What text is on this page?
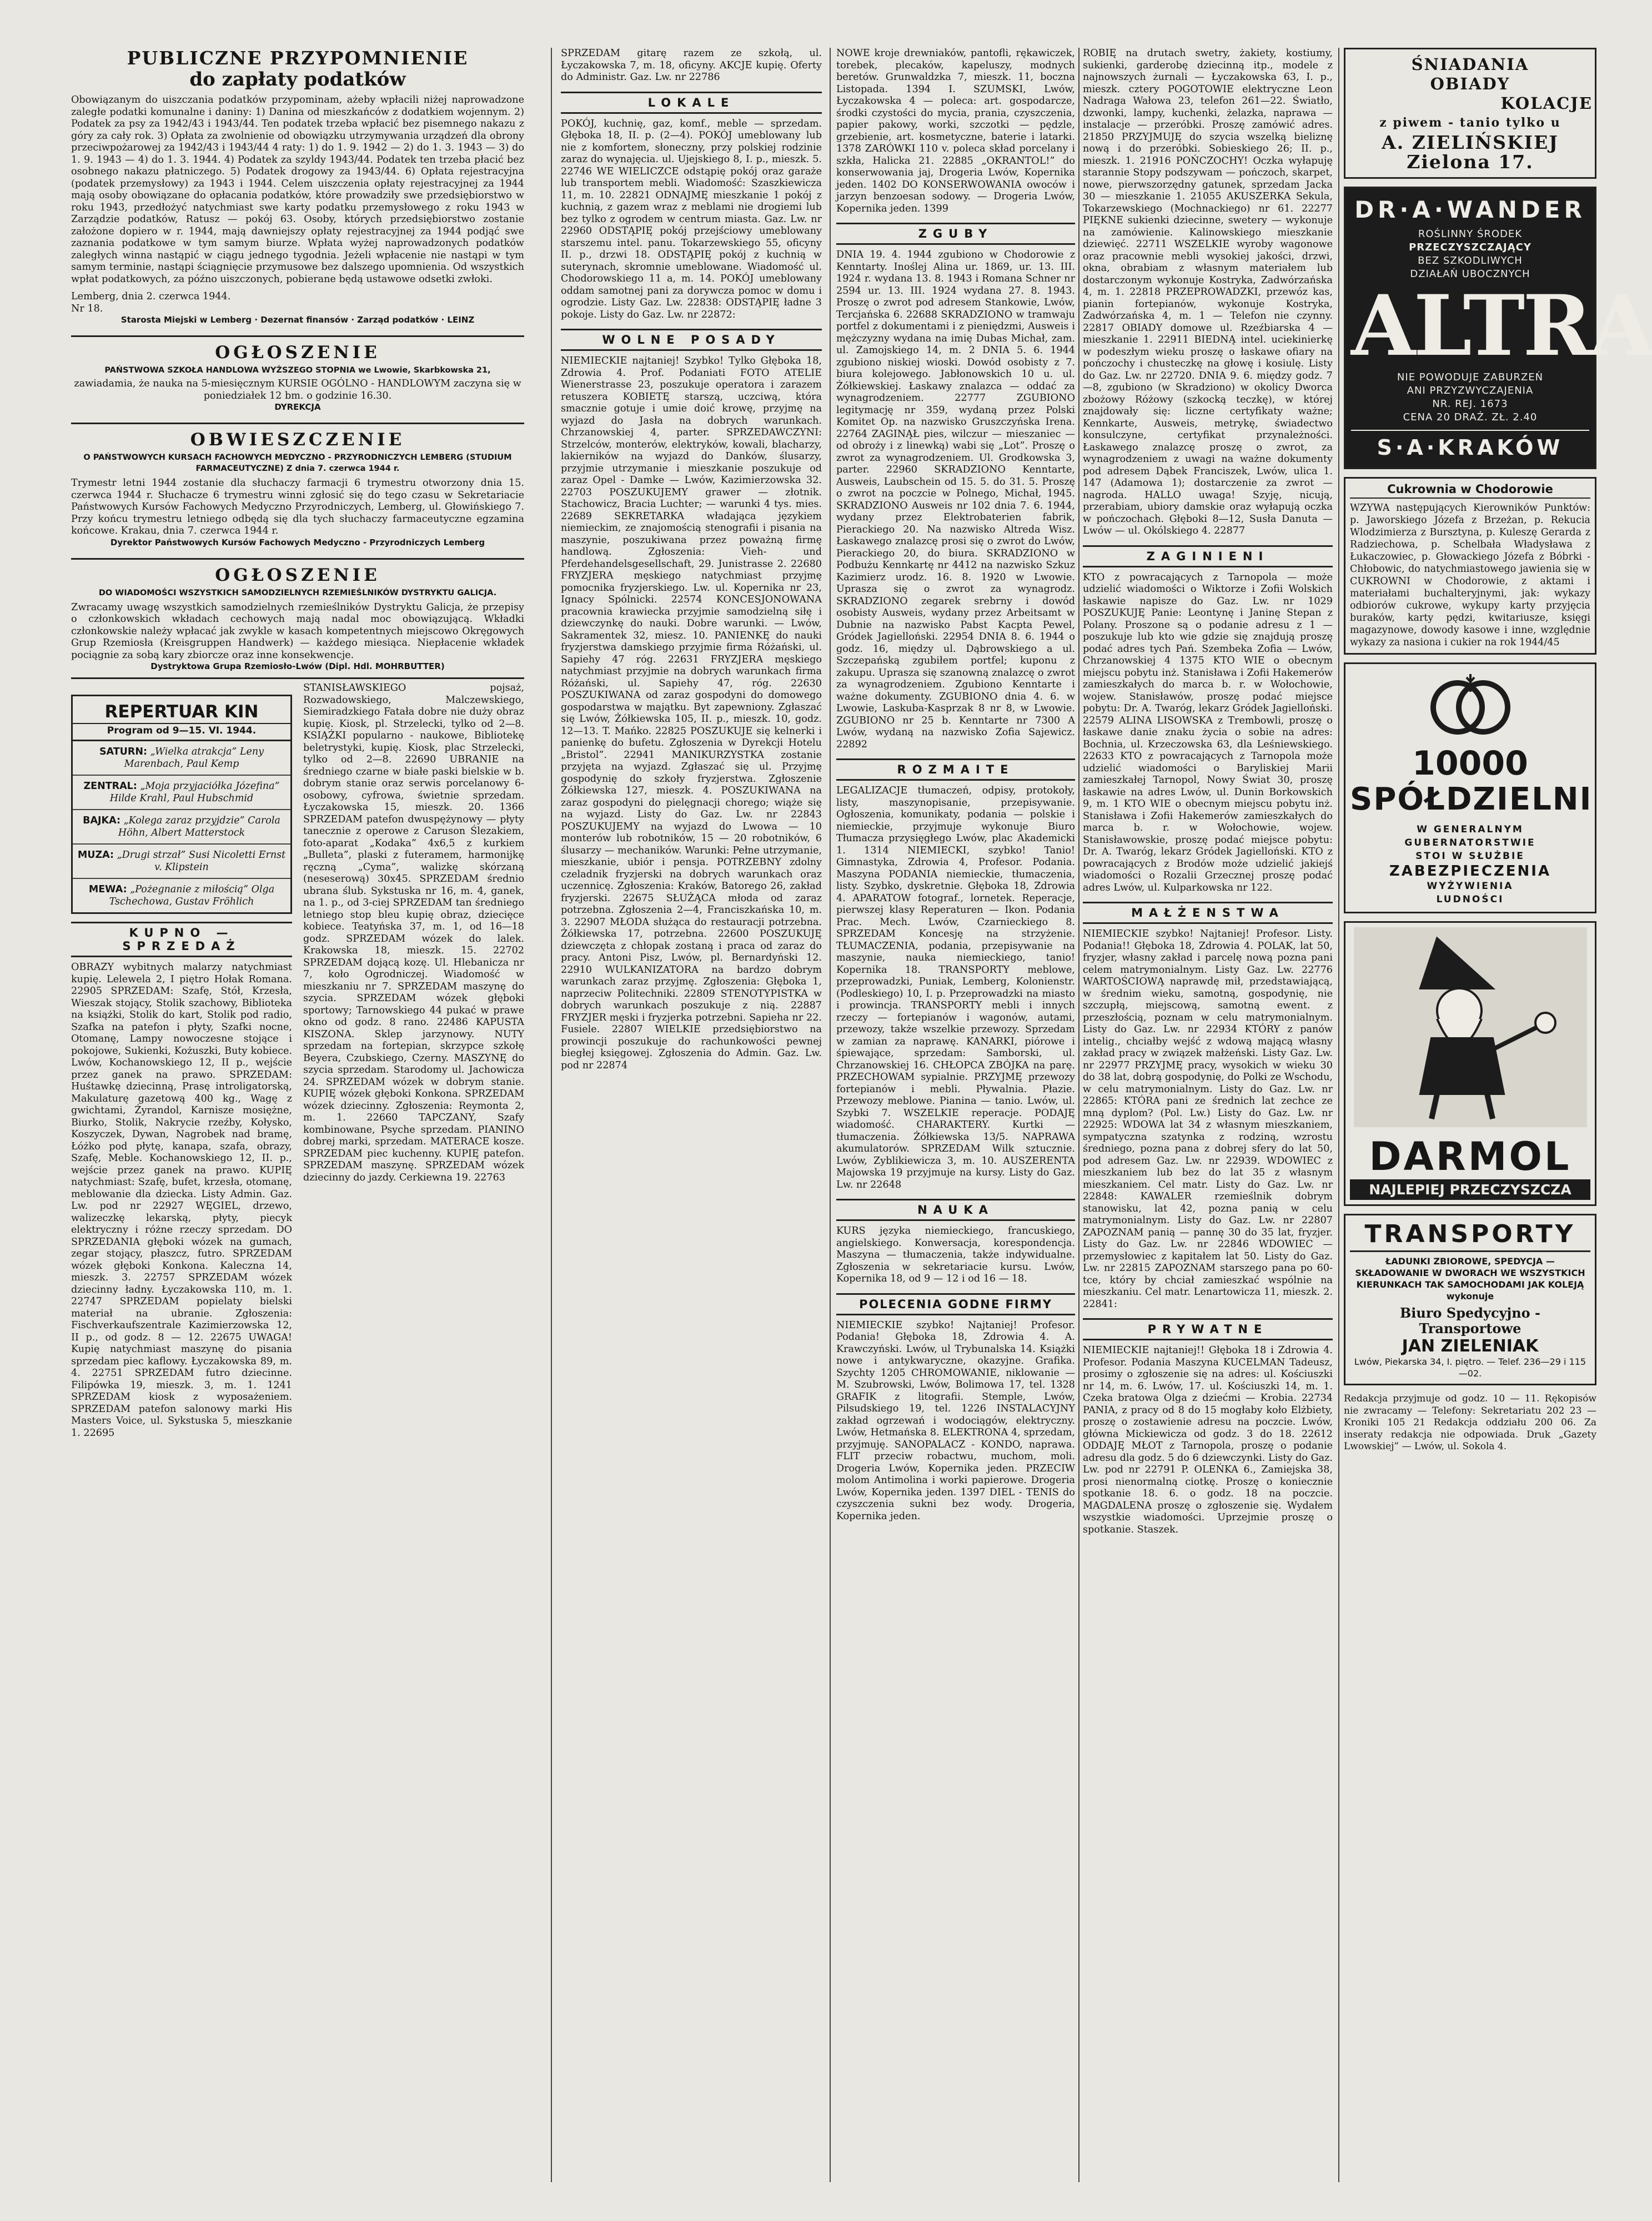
PUBLICZNE PRZYPOMNIENIE
do zapłaty podatków

Obowiązanym do uiszczania podatków przypominam, ażeby wpłacili niżej naprowadzone zaległe podatki komunalne i daniny: 1) Danina od mieszkańców z dodatkiem wojennym. 2) Podatek za psy za 1942/43 i 1943/44. Ten podatek trzeba wpłacić bez pisemnego nakazu z góry za cały rok. 3) Opłata za zwolnienie od obowiązku utrzymywania urządzeń dla obrony przeciwpożarowej za 1942/43 i 1943/44 4 raty: 1) do 1. 9. 1942 — 2) do 1. 3. 1943 — 3) do 1. 9. 1943 — 4) do 1. 3. 1944. 4) Podatek za szyldy 1943/44. Podatek ten trzeba płacić bez osobnego nakazu płatniczego. 5) Podatek drogowy za 1943/44. 6) Opłata rejestracyjna (podatek przemysłowy) za 1943 i 1944. Celem uiszczenia opłaty rejestracyjnej za 1944 mają osoby obowiązane do opłacania podatków, które prowadziły swe przedsiębiorstwo w roku 1943, przedłożyć natychmiast swe karty podatku przemysłowego z roku 1943 w Zarządzie podatków, Ratusz — pokój 63. Osoby, których przedsiębiorstwo zostanie założone dopiero w r. 1944, mają dawniejszy opłaty rejestracyjnej za 1944 podjąć swe zaznania podatkowe w tym samym biurze. Wpłata wyżej naprowadzonych podatków zaległych winna nastąpić w ciągu jednego tygodnia. Jeżeli wpłacenie nie nastąpi w tym samym terminie, nastąpi ściągnięcie przymusowe bez dalszego upomnienia. Od wszystkich wpłat podatkowych, za późno uiszczonych, pobierane będą ustawowe odsetki zwłoki.

Lemberg, dnia 2. czerwca 1944.

Nr 18.

Starosta Miejski w Lemberg · Dezernat finansów · Zarząd podatków · LEINZ
OGŁOSZENIE
PAŃSTWOWA SZKOŁA HANDLOWA WYŻSZEGO STOPNIA we Lwowie, Skarbkowska 21,

zawiadamia, że nauka na 5-miesięcznym KURSIE OGÓLNO - HANDLOWYM zaczyna się w poniedziałek 12 bm. o godzinie 16.30.

DYREKCJA
OBWIESZCZENIE
O PAŃSTWOWYCH KURSACH FACHOWYCH MEDYCZNO - PRZYRODNICZYCH LEMBERG (STUDIUM FARMACEUTYCZNE) Z dnia 7. czerwca 1944 r.

Trymestr letni 1944 zostanie dla słuchaczy farmacji 6 trymestru otworzony dnia 15. czerwca 1944 r. Słuchacze 6 trymestru winni zgłosić się do tego czasu w Sekretariacie Państwowych Kursów Fachowych Medyczno Przyrodniczych, Lemberg, ul. Głowińskiego 7. Przy końcu trymestru letniego odbędą się dla tych słuchaczy farmaceutyczne egzamina końcowe. Krakau, dnia 7. czerwca 1944 r.

Dyrektor Państwowych Kursów Fachowych Medyczno - Przyrodniczych Lemberg
OGŁOSZENIE
DO WIADOMOŚCI WSZYSTKICH SAMODZIELNYCH RZEMIEŚLNIKÓW DYSTRYKTU GALICJA.

Zwracamy uwagę wszystkich samodzielnych rzemieślników Dystryktu Galicja, że przepisy o członkowskich wkładach cechowych mają nadal moc obowiązującą. Wkładki członkowskie należy wpłacać jak zwykle w kasach kompetentnych miejscowo Okręgowych Grup Rzemiosła (Kreisgruppen Handwerk) — każdego miesiąca. Niepłacenie wkładek pociągnie za sobą kary zbiorcze oraz inne konsekwencje.

Dystryktowa Grupa Rzemiosło-Lwów (Dipl. Hdl. MOHRBUTTER)
REPERTUAR KIN
Program od 9—15. VI. 1944.
SATURN: „Wielka atrakcja” Leny Marenbach, Paul Kemp
ZENTRAL: „Moja przyjaciółka Józefina” Hilde Krahl, Paul Hubschmid
BAJKA: „Kolega zaraz przyjdzie” Carola Höhn, Albert Matterstock
MUZA: „Drugi strzał” Susi Nicoletti Ernst v. Klipstein
MEWA: „Pożegnanie z miłością” Olga Tschechowa, Gustav Fröhlich
KUPNO — SPRZEDAŻ

OBRAZY wybitnych malarzy natychmiast kupię. Lelewela 2, I piętro Hołak Romana. 22905 SPRZEDAM: Szafę, Stół, Krzesła, Wieszak stojący, Stolik szachowy, Biblioteka na książki, Stolik do kart, Stolik pod radio, Szafka na patefon i płyty, Szafki nocne, Otomanę, Lampy nowoczesne stojące i pokojowe, Sukienki, Kożuszki, Buty kobiece. Lwów, Kochanowskiego 12, II p., wejście przez ganek na prawo. SPRZEDAM: Huśtawkę dziecinną, Prasę introligatorską, Makulaturę gazetową 400 kg., Wagę z gwichtami, Żyrandol, Karnisze mosiężne, Biurko, Stolik, Nakrycie rzeźby, Kołysko, Koszyczek, Dywan, Nagrobek nad bramę, Łóżko pod płytę, kanapa, szafa, obrazy, Szafę, Meble. Kochanowskiego 12, II. p., wejście przez ganek na prawo. KUPIĘ natychmiast: Szafę, bufet, krzesła, otomanę, meblowanie dla dziecka. Listy Admin. Gaz. Lw. pod nr 22927 WĘGIEL, drzewo, walizeczkę lekarską, płyty, piecyk elektryczny i różne rzeczy sprzedam. DO SPRZEDANIA głęboki wózek na gumach, zegar stojący, płaszcz, futro. SPRZEDAM wózek głęboki Konkona. Kaleczna 14, mieszk. 3. 22757 SPRZEDAM wózek dziecinny ładny. Łyczakowska 110, m. 1. 22747 SPRZEDAM popielaty bielski materiał na ubranie. Zgłoszenia: Fischverkaufszentrale Kazimierzowska 12, II p., od godz. 8 — 12. 22675 UWAGA! Kupię natychmiast maszynę do pisania sprzedam piec kaflowy. Łyczakowska 89, m. 4. 22751 SPRZEDAM futro dziecinne. Filipówka 19, mieszk. 3, m. 1. 1241 SPRZEDAM kiosk z wyposażeniem. SPRZEDAM patefon salonowy marki His Masters Voice, ul. Sykstuska 5, mieszkanie 1. 22695

STANISŁAWSKIEGO pojsaż, Rozwadowskiego, Malczewskiego, Siemiradzkiego Fatała dobre nie duży obraz kupię. Kiosk, pl. Strzelecki, tylko od 2—8. KSIĄŻKI popularno - naukowe, Bibliotekę beletrystyki, kupię. Kiosk, plac Strzelecki, tylko od 2—8. 22690 UBRANIE na średniego czarne w białe paski bielskie w b. dobrym stanie oraz serwis porcelanowy 6-osobowy, cyfrowa, świetnie sprzedam. Łyczakowska 15, mieszk. 20. 1366 SPRZEDAM patefon dwuspężynowy — płyty tanecznie z operowe z Caruson Ślezakiem, foto-aparat „Kodaka” 4x6,5 z kurkiem „Bulleta”, plaski z futeramem, harmonijkę ręczną „Cyma”, walizkę skórzaną (neseserową) 30x45. SPRZEDAM średnio ubrana ślub. Sykstuska nr 16, m. 4, ganek, na 1. p., od 3-ciej SPRZEDAM tan średniego letniego stop bleu kupię obraz, dziecięce kobiece. Teatyńska 37, m. 1, od 16—18 godz. SPRZEDAM wózek do lalek. Krakowska 18, mieszk. 15. 22702 SPRZEDAM dojącą kozę. Ul. Hlebanicza nr 7, koło Ogrodniczej. Wiadomość w mieszkaniu nr 7. SPRZEDAM maszynę do szycia. SPRZEDAM wózek głęboki sportowy; Tarnowskiego 44 pukać w prawe okno od godz. 8 rano. 22486 KAPUSTA KISZONA. Sklep jarzynowy. NUTY sprzedam na fortepian, skrzypce szkołę Beyera, Czubskiego, Czerny. MASZYNĘ do szycia sprzedam. Starodomy ul. Jachowicza 24. SPRZEDAM wózek w dobrym stanie. KUPIĘ wózek głęboki Konkona. SPRZEDAM wózek dziecinny. Zgłoszenia: Reymonta 2, m. 1. 22660 TAPCZANY, Szafy kombinowane, Psyche sprzedam. PIANINO dobrej marki, sprzedam. MATERACE kosze. SPRZEDAM piec kuchenny. KUPIĘ patefon. SPRZEDAM maszynę. SPRZEDAM wózek dziecinny do jazdy. Cerkiewna 19. 22763

SPRZEDAM gitarę razem ze szkołą, ul. Łyczakowska 7, m. 18, oficyny. AKCJE kupię. Oferty do Administr. Gaz. Lw. nr 22786

LOKALE

POKÓJ, kuchnię, gaz, komf., meble — sprzedam. Głęboka 18, II. p. (2—4). POKÓJ umeblowany lub nie z komfortem, słoneczny, przy polskiej rodzinie zaraz do wynajęcia. ul. Ujejskiego 8, I. p., mieszk. 5. 22746 WE WIELICZCE odstąpię pokój oraz garaże lub transportem mebli. Wiadomość: Szaszkiewicza 11, m. 10. 22821 ODNAJMĘ mieszkanie 1 pokój z kuchnią, z gazem wraz z meblami nie drogiemi lub bez tylko z ogrodem w centrum miasta. Gaz. Lw. nr 22960 ODSTĄPIĘ pokój przejściowy umeblowany starszemu intel. panu. Tokarzewskiego 55, oficyny II. p., drzwi 18. ODSTĄPIĘ pokój z kuchnią w suterynach, skromnie umeblowane. Wiadomość ul. Chodorowskiego 11 a, m. 14. POKÓJ umeblowany oddam samotnej pani za dorywcza pomoc w domu i ogrodzie. Listy Gaz. Lw. 22838: ODSTĄPIĘ ładne 3 pokoje. Listy do Gaz. Lw. nr 22872:

WOLNE POSADY

NIEMIECKIE najtaniej! Szybko! Tylko Głęboka 18, Zdrowia 4. Prof. Podaniati FOTO ATELIE Wienerstrasse 23, poszukuje operatora i zarazem retuszera KOBIETĘ starszą, uczciwą, która smacznie gotuje i umie doić krowę, przyjmę na wyjazd do Jasła na dobrych warunkach. Chrzanowskiej 4, parter. SPRZEDAWCZYNI: Strzelców, monterów, elektryków, kowali, blacharzy, lakierników na wyjazd do Danków, ślusarzy, przyjmie utrzymanie i mieszkanie poszukuje od zaraz Opel - Damke — Lwów, Kazimierzowska 32. 22703 POSZUKUJEMY grawer — złotnik. Stachowicz, Bracia Luchter; — warunki 4 tys. mies. 22689 SEKRETARKA władająca językiem niemieckim, ze znajomością stenografii i pisania na maszynie, poszukiwana przez poważną firmę handlową. Zgłoszenia: Vieh- und Pferdehandelsgesellschaft, 29. Junistrasse 2. 22680 FRYZJERA męskiego natychmiast przyjmę pomocnika fryzjerskiego. Lw. ul. Kopernika nr 23, Ignacy Spólnicki. 22574 KONCESJONOWANA pracownia krawiecka przyjmie samodzielną siłę i dziewczynkę do nauki. Dobre warunki. — Lwów, Sakramentek 32, miesz. 10. PANIENKĘ do nauki fryzjerstwa damskiego przyjmie firma Różański, ul. Sapiehy 47 róg. 22631 FRYZJERA męskiego natychmiast przyjmie na dobrych warunkach firma Różański, ul. Sapiehy 47, róg. 22630 POSZUKIWANA od zaraz gospodyni do domowego gospodarstwa w majątku. Byt zapewniony. Zgłaszać się Lwów, Żółkiewska 105, II. p., mieszk. 10, godz. 12—13. T. Mańko. 22825 POSZUKUJE się kelnerki i panienkę do bufetu. Zgłoszenia w Dyrekcji Hotelu „Bristol”. 22941 MANIKURZYSTKA zostanie przyjęta na wyjazd. Zgłaszać się ul. Przyjmę gospodynię do szkoły fryzjerstwa. Zgłoszenie Żółkiewska 127, mieszk. 4. POSZUKIWANA na zaraz gospodyni do pielęgnacji chorego; wiąże się na wyjazd. Listy do Gaz. Lw. nr 22843 POSZUKUJEMY na wyjazd do Lwowa — 10 monterów lub robotników, 15 — 20 robotników, 6 ślusarzy — mechaników. Warunki: Pełne utrzymanie, mieszkanie, ubiór i pensja. POTRZEBNY zdolny czeladnik fryzjerski na dobrych warunkach oraz uczennicę. Zgłoszenia: Kraków, Batorego 26, zakład fryzjerski. 22675 SŁUŻĄCA młoda od zaraz potrzebna. Zgłoszenia 2—4, Franciszkańska 10, m. 3. 22907 MŁODA służąca do restauracji potrzebna. Żółkiewska 17, potrzebna. 22600 POSZUKUJĘ dziewczęta z chłopak zostaną i praca od zaraz do pracy. Antoni Pisz, Lwów, pl. Bernardyński 12. 22910 WULKANIZATORA na bardzo dobrym warunkach zaraz przyjmę. Zgłoszenia: Głęboka 1, naprzeciw Politechniki. 22809 STENOTYPISTKA w dobrych warunkach poszukuje z nią. 22887 FRYZJER męski i fryzjerka potrzebni. Sapieha nr 22. Fusiele. 22807 WIELKIE przedsiębiorstwo na prowincji poszukuje do rachunkowości pewnej biegłej księgowej. Zgłoszenia do Admin. Gaz. Lw. pod nr 22874

NOWE kroje drewniaków, pantofli, rękawiczek, torebek, plecaków, kapeluszy, modnych beretów. Grunwaldzka 7, mieszk. 11, boczna Listopada. 1394 I. SZUMSKI, Lwów, Łyczakowska 4 — poleca: art. gospodarcze, środki czystości do mycia, prania, czyszczenia, papier pakowy, worki, szczotki — pędzle, grzebienie, art. kosmetyczne, baterie i latarki. 1378 ZARÓWKI 110 v. poleca skład porcelany i szkła, Halicka 21. 22885 „OKRANTOL!” do konserwowania jaj, Drogeria Lwów, Kopernika jeden. 1402 DO KONSERWOWANIA owoców i jarzyn benzoesan sodowy. — Drogeria Lwów, Kopernika jeden. 1399

ZGUBY

DNIA 19. 4. 1944 zgubiono w Chodorowie z Kenntarty. Inoślej Alina ur. 1869, ur. 13. III. 1924 r. wydana 13. 8. 1943 i Romana Schner nr 2594 ur. 13. III. 1924 wydana 27. 8. 1943. Proszę o zwrot pod adresem Stankowie, Lwów, Tercjańska 6. 22688 SKRADZIONO w tramwaju portfel z dokumentami i z pieniędzmi, Ausweis i mężczyzny wydana na imię Dubas Michał, zam. ul. Zamojskiego 14, m. 2 DNIA 5. 6. 1944 zgubiono niskiej wioski. Dowód osobisty z 7. biura kolejowego. Jabłonowskich 10 u. ul. Żółkiewskiej. Łaskawy znalazca — oddać za wynagrodzeniem. 22777 ZGUBIONO legitymację nr 359, wydaną przez Polski Komitet Op. na nazwisko Gruszczyńska Irena. 22764 ZAGINĄŁ pies, wilczur — mieszaniec — od obroży i z linewką) wabi się „Lot”. Proszę o zwrot za wynagrodzeniem. Ul. Grodkowska 3, parter. 22960 SKRADZIONO Kenntarte, Ausweis, Laubschein od 15. 5. do 31. 5. Proszę o zwrot na poczcie w Polnego, Michał, 1945. SKRADZIONO Ausweis nr 102 dnia 7. 6. 1944, wydany przez Elektrobaterien fabrik, Pierackiego 20. Na nazwisko Altreda Wisz. Łaskawego znalazcę prosi się o zwrot do Lwów, Pierackiego 20, do biura. SKRADZIONO w Podbużu Kennkartę nr 4412 na nazwisko Szkuz Kazimierz urodz. 16. 8. 1920 w Lwowie. Uprasza się o zwrot za wynagrodz. SKRADZIONO zegarek srebrny i dowód osobisty Ausweis, wydany przez Arbeitsamt w Dubnie na nazwisko Pabst Kacpta Pewel, Gródek Jagielloński. 22954 DNIA 8. 6. 1944 o godz. 16, między ul. Dąbrowskiego a ul. Szczepańską zgubiłem portfel; kuponu z zakupu. Uprasza się szanowną znalazcę o zwrot za wynagrodzeniem. Zgubiono Kenntarte i ważne dokumenty. ZGUBIONO dnia 4. 6. w Lwowie, Laskuba-Kasprzak 8 nr 8, w Lwowie. ZGUBIONO nr 25 b. Kenntarte nr 7300 A Lwów, wydaną na nazwisko Zofia Sajewicz. 22892

ROZMAITE

LEGALIZACJE tłumaczeń, odpisy, protokoły, listy, maszynopisanie, przepisywanie. Ogłoszenia, komunikaty, podania — polskie i niemieckie, przyjmuje wykonuje Biuro Tłumacza przysięgłego Lwów, plac Akademicki 1. 1314 NIEMIECKI, szybko! Tanio! Gimnastyka, Zdrowia 4, Profesor. Podania. Maszyna PODANIA niemieckie, tłumaczenia, listy. Szybko, dyskretnie. Głęboka 18, Zdrowia 4. APARATOW fotograf., lornetek. Reperacje, pierwszej klasy Reperaturen — Ikon. Podania Prac. Mech. Lwów, Czarnieckiego 8. SPRZEDAM Koncesję na strzyżenie. TŁUMACZENIA, podania, przepisywanie na maszynie, nauka niemieckiego, tanio! Kopernika 18. TRANSPORTY meblowe, przeprowadzki, Puniak, Lemberg, Kolonienstr. (Podleskiego) 10, I. p. Przeprowadzki na miasto i prowincja. TRANSPORTY mebli i innych rzeczy — fortepianów i wagonów, autami, przewozy, także wszelkie przewozy. Sprzedam w zamian za naprawę. KANARKI, piórowe i śpiewające, sprzedam: Samborski, ul. Chrzanowskiej 16. CHŁOPCA ZBÓJKA na parę. PRZECHOWAM sypialnie. PRZYJMĘ przewozy fortepianów i mebli. Pływalnia. Płazie. Przewozy meblowe. Pianina — tanio. Lwów, ul. Szybki 7. WSZELKIE reperacje. PODAJĘ wiadomość. CHARAKTERY. Kurtki — tłumaczenia. Żółkiewska 13/5. NAPRAWA akumulatorów. SPRZEDAM Wilk sztucznie. Lwów, Zyblikiewicza 3, m. 10. AUSZERENTA Majowska 19 przyjmuje na kursy. Listy do Gaz. Lw. nr 22648

NAUKA

KURS języka niemieckiego, francuskiego, angielskiego. Konwersacja, korespondencja. Maszyna — tłumaczenia, także indywidualne. Zgłoszenia w sekretariacie kursu. Lwów, Kopernika 18, od 9 — 12 i od 16 — 18.

POLECENIA GODNE FIRMY

NIEMIECKIE szybko! Najtaniej! Profesor. Podania! Głęboka 18, Zdrowia 4. A. Krawczyński. Lwów, ul Trybunalska 14. Książki nowe i antykwaryczne, okazyjne. Grafika. Szychty 1205 CHROMOWANIE, niklowanie — M. Szubrowski, Lwów, Bolimowa 17, tel. 1328 GRAFIK z litografii. Stemple, Lwów, Pilsudskiego 19, tel. 1226 INSTALACYJNY zakład ogrzewań i wodociągów, elektryczny. Lwów, Hetmańska 8. ELEKTRONA 4, sprzedam, przyjmuję. SANOPALACZ - KONDO, naprawa. FLIT przeciw robactwu, muchom, moli. Drogeria Lwów, Kopernika jeden. PRZECIW molom Antimolina i worki papierowe. Drogeria Lwów, Kopernika jeden. 1397 DIEL - TENIS do czyszczenia sukni bez wody. Drogeria, Kopernika jeden.

ROBIĘ na drutach swetry, żakiety, kostiumy, sukienki, garderobę dziecinną itp., modele z najnowszych żurnali — Łyczakowska 63, I. p., mieszk. cztery POGOTOWIE elektryczne Leon Nadraga Wałowa 23, telefon 261—22. Światło, dzwonki, lampy, kuchenki, żelazka, naprawa — instalacje — przeróbki. Proszę zamówić adres. 21850 PRZYJMUJĘ do szycia wszelką bieliznę nową i do przeróbki. Sobieskiego 26; II. p., mieszk. 1. 21916 POŃCZOCHY! Oczka wyłapuję starannie Stopy podszywam — pończoch, skarpet, nowe, pierwszorzędny gatunek, sprzedam Jacka 30 — mieszkanie 1. 21055 AKUSZERKA Sekula, Tokarzewskiego (Mochnackiego) nr 61. 22277 PIĘKNE sukienki dziecinne, swetery — wykonuje na zamówienie. Kalinowskiego mieszkanie dziewięć. 22711 WSZELKIE wyroby wagonowe oraz pracownie mebli wysokiej jakości, drzwi, okna, obrabiam z własnym materiałem lub dostarczonym wykonuje Kostryka, Zadwórzańska 4, m. 1. 22818 PRZEPROWADZKI, przewóz kas, pianin fortepianów, wykonuje Kostryka, Zadwórzańska 4, m. 1 — Telefon nie czynny. 22817 OBIADY domowe ul. Rzeźbiarska 4 — mieszkanie 1. 22911 BIEDNĄ intel. uciekinierkę w podeszłym wieku proszę o łaskawe ofiary na pończochy i chusteczkę na głowę i kosiulę. Listy do Gaz. Lw. nr 22720. DNIA 9. 6. między godz. 7—8, zgubiono (w Skradziono) w okolicy Dworca zbożowy Różowy (szkocką teczkę), w której znajdowały się: liczne certyfikaty ważne; Kennkarte, Ausweis, metrykę, świadectwo konsulczyne, certyfikat przynależności. Łaskawego znalazcę proszę o zwrot, za wynagrodzeniem z uwagi na ważne dokumenty pod adresem Dąbek Franciszek, Lwów, ulica 1. 147 (Adamowa 1); dostarczenie za zwrot — nagroda. HALLO uwaga! Szyję, nicują, przerabiam, ubiory damskie oraz wyłapują oczka w pończochach. Głęboki 8—12, Susła Danuta — Lwów — ul. Okólskiego 4. 22877

ZAGINIENI

KTO z powracających z Tarnopola — może udzielić wiadomości o Wiktorze i Zofii Wolskich łaskawie napisze do Gaz. Lw. nr 1029 POSZUKUJĘ Panie: Leontynę i Janinę Stepan z Polany. Proszone są o podanie adresu z 1 — poszukuje lub kto wie gdzie się znajdują proszę podać adres tych Pań. Szembeka Zofia — Lwów, Chrzanowskiej 4 1375 KTO WIE o obecnym miejscu pobytu inż. Stanisława i Zofii Hakemerów zamieszkałych do marca b. r. w Wołochowie, wojew. Stanisławów, proszę podać miejsce pobytu: Dr. A. Twaróg, lekarz Gródek Jagielloński. 22579 ALINA LISOWSKA z Trembowli, proszę o łaskawe danie znaku życia o sobie na adres: Bochnia, ul. Krzeczowska 63, dla Leśniewskiego. 22633 KTO z powracających z Tarnopola może udzielić wiadomości o Baryliskiej Marii zamieszkałej Tarnopol, Nowy Świat 30, proszę łaskawie na adres Lwów, ul. Dunin Borkowskich 9, m. 1 KTO WIE o obecnym miejscu pobytu inż. Stanisława i Zofii Hakemerów zamieszkałych do marca b. r. w Wołochowie, wojew. Stanisławowskie, proszę podać miejsce pobytu: Dr. A. Twaróg, lekarz Gródek Jagielloński. KTO z powracających z Brodów może udzielić jakiejś wiadomości o Rozalii Grzecznej proszę podać adres Lwów, ul. Kulparkowska nr 122.

MAŁŻENSTWA

NIEMIECKIE szybko! Najtaniej! Profesor. Listy. Podania!! Głęboka 18, Zdrowia 4. POLAK, lat 50, fryzjer, własny zakład i parcelę nową pozna pani celem matrymonialnym. Listy Gaz. Lw. 22776 WARTOŚCIOWĄ naprawdę mił, przedstawiającą, w średnim wieku, samotną, gospodynię, nie szczupłą, miejscową, samotną ewent. z przeszłością, poznam w celu matrymonialnym. Listy do Gaz. Lw. nr 22934 KTÓRY z panów intelig., chciałby wejść z wdową mającą własny zakład pracy w związek małżeński. Listy Gaz. Lw. nr 22977 PRZYJMĘ pracy, wysokich w wieku 30 do 38 lat, dobrą gospodynię, do Polki ze Wschodu, w celu matrymonialnym. Listy do Gaz. Lw. nr 22865: KTÓRA pani ze średnich lat zechce ze mną dyplom? (Pol. Lw.) Listy do Gaz. Lw. nr 22925: WDOWA lat 34 z własnym mieszkaniem, sympatyczna szatynka z rodziną, wzrostu średniego, pozna pana z dobrej sfery do lat 50, pod adresem Gaz. Lw. nr 22939. WDOWIEC z mieszkaniem lub bez do lat 35 z własnym mieszkaniem. Cel matr. Listy do Gaz. Lw. nr 22848: KAWALER rzemieślnik dobrym stanowisku, lat 42, pozna panią w celu matrymonialnym. Listy do Gaz. Lw. nr 22807 ZAPOZNAM panią — pannę 30 do 35 lat, fryzjer. Listy do Gaz. Lw. nr 22846 WDOWIEC — przemysłowiec z kapitałem lat 50. Listy do Gaz. Lw. nr 22815 ZAPOZNAM starszego pana po 60-tce, który by chciał zamieszkać wspólnie na mieszkaniu. Cel matr. Lenartowicza 11, mieszk. 2. 22841:

PRYWATNE

NIEMIECKIE najtaniej!! Głęboka 18 i Zdrowia 4. Profesor. Podania Maszyna KUCELMAN Tadeusz, prosimy o zgłoszenie się na adres: ul. Kościuszki nr 14, m. 6. Lwów, 17. ul. Kościuszki 14, m. 1. Czeka bratowa Olga z dziećmi — Krobia. 22734 PANIA, z pracy od 8 do 15 mogłaby koło Elżbiety, proszę o zostawienie adresu na poczcie. Lwów, główna Mickiewicza od godz. 3 do 18. 22612 ODDAJĘ MŁOT z Tarnopola, proszę o podanie adresu dla godz. 5 do 6 dziewczynki. Listy do Gaz. Lw. pod nr 22791 P. OLEŃKA 6., Zamiejska 38, prosi nienormalną ciotkę. Proszę o koniecznie spotkanie 18. 6. o godz. 18 na poczcie. MAGDALENA proszę o zgłoszenie się. Wydałem wszystkie wiadomości. Uprzejmie proszę o spotkanie. Staszek.

ŚNIADANIA
OBIADY
KOLACJE
z piwem - tanio tylko u
A. ZIELIŃSKIEJ
Zielona 17.
DR·A·WANDER
ROŚLINNY ŚRODEK
PRZECZYSZCZAJĄCY
BEZ SZKODLIWYCH
DZIAŁAŃ UBOCZNYCH
ALTRA
NIE POWODUJE ZABURZEŃ
ANI PRZYZWYCZAJENIA
NR. REJ. 1673
CENA 20 DRAŻ. ZŁ. 2.40
S·A·KRAKÓW
Cukrownia w Chodorowie
WZYWA następujących Kierowników Punktów: p. Jaworskiego Józefa z Brzeżan, p. Rekucia Wlodzimierza z Bursztyna, p. Kuleszę Gerarda z Radziechowa, p. Schelbała Władysława z Łukaczowiec, p. Głowackiego Józefa z Bóbrki - Chłobowic, do natychmiastowego jawienia się w CUKROWNI w Chodorowie, z aktami i materiałami buchalteryjnymi, jak: wykazy odbiorów cukrowe, wykupy karty przyjęcia buraków, karty pędzi, kwitariusze, księgi magazynowe, dowody kasowe i inne, względnie wykazy za nasiona i cukier na rok 1944/45
10000
SPÓŁDZIELNI
W GENERALNYM
GUBERNATORSTWIE
STOI W SŁUŻBIE
ZABEZPIECZENIA
WYŻYWIENIA
LUDNOŚCI
DARMOL
NAJLEPIEJ PRZECZYSZCZA
TRANSPORTY
ŁADUNKI ZBIOROWE, SPEDYCJA — SKŁADOWANIE W DWORACH WE WSZYSTKICH KIERUNKACH TAK SAMOCHODAMI JAK KOLEJĄ wykonuje
Biuro Spedycyjno - Transportowe
JAN ZIELENIAK
Lwów, Piekarska 34, I. piętro. — Telef. 236—29 i 115—02.

Redakcja przyjmuje od godz. 10 — 11. Rękopisów nie zwracamy — Telefony: Sekretariatu 202 23 — Kroniki 105 21 Redakcja oddziału 200 06. Za inseraty redakcja nie odpowiada. Druk „Gazety Lwowskiej” — Lwów, ul. Sokola 4.
